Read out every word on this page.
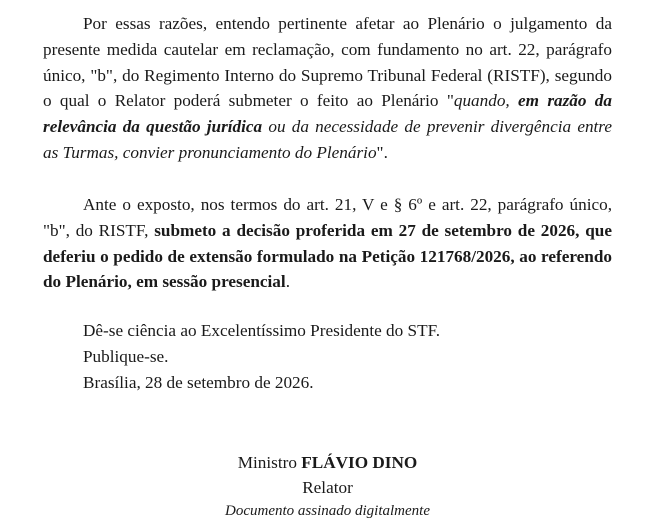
Por essas razões, entendo pertinente afetar ao Plenário o julgamento da presente medida cautelar em reclamação, com fundamento no art. 22, parágrafo único, "b", do Regimento Interno do Supremo Tribunal Federal (RISTF), segundo o qual o Relator poderá submeter o feito ao Plenário "quando, em razão da relevância da questão jurídica ou da necessidade de prevenir divergência entre as Turmas, convier pronunciamento do Plenário".

Ante o exposto, nos termos do art. 21, V e § 6º e art. 22, parágrafo único, "b", do RISTF, submeto a decisão proferida em 27 de setembro de 2026, que deferiu o pedido de extensão formulado na Petição 121768/2026, ao referendo do Plenário, em sessão presencial.

Dê-se ciência ao Excelentíssimo Presidente do STF.
Publique-se.
Brasília, 28 de setembro de 2026.
Ministro FLÁVIO DINO
Relator
Documento assinado digitalmente
